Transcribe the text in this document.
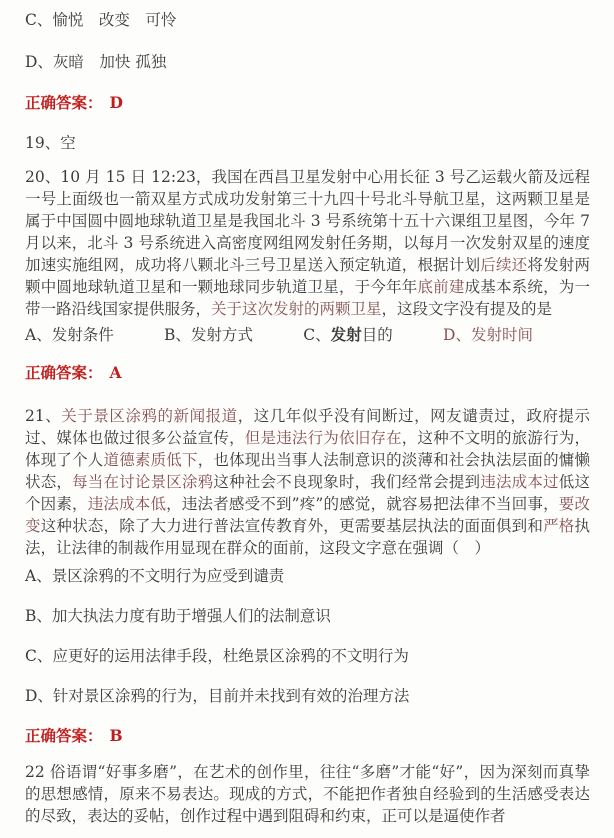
C、愉悦　改变　可怜
D、灰暗　加快 孤独
正确答案： D
19、空

20、10 月 15 日 12:23，我国在西昌卫星发射中心用长征 3 号乙运载火箭及远程一号上面级也一箭双星方式成功发射第三十九四十号北斗导航卫星，这两颗卫星是属于中国圆中圆地球轨道卫星是我国北斗 3 号系统第十五十六课组卫星图，今年 7 月以来，北斗 3 号系统进入高密度网组网发射任务期，以每月一次发射双星的速度加速实施组网，成功将八颗北斗三号卫星送入预定轨道，根据计划后续还将发射两颗中圆地球轨道卫星和一颗地球同步轨道卫星，于今年年底前建成基本系统，为一带一路沿线国家提供服务，关于这次发射的两颗卫星，这段文字没有提及的是

A、发射条件	B、发射方式	C、发射目的	D、发射时间
正确答案： A

21、关于景区涂鸦的新闻报道，这几年似乎没有间断过，网友谴责过，政府提示过、媒体也做过很多公益宣传，但是违法行为依旧存在，这种不文明的旅游行为，体现了个人道德素质低下，也体现出当事人法制意识的淡薄和社会执法层面的慵懒状态，每当在讨论景区涂鸦这种社会不良现象时，我们经常会提到违法成本过低这个因素，违法成本低，违法者感受不到”疼”的感觉，就容易把法律不当回事，要改变这种状态，除了大力进行普法宣传教育外，更需要基层执法的面面俱到和严格执法，让法律的制裁作用显现在群众的面前，这段文字意在强调（　）

A、景区涂鸦的不文明行为应受到谴责
B、加大执法力度有助于增强人们的法制意识
C、应更好的运用法律手段，杜绝景区涂鸦的不文明行为
D、针对景区涂鸦的行为，目前并未找到有效的治理方法
正确答案： B

22 俗语谓“好事多磨”，在艺术的创作里，往往“多磨”才能“好”，因为深刻而真挚的思想感情，原来不易表达。现成的方式，不能把作者独自经验到的生活感受表达的尽致，表达的妥帖，创作过程中遇到阻碍和约束，正可以是逼使作者
